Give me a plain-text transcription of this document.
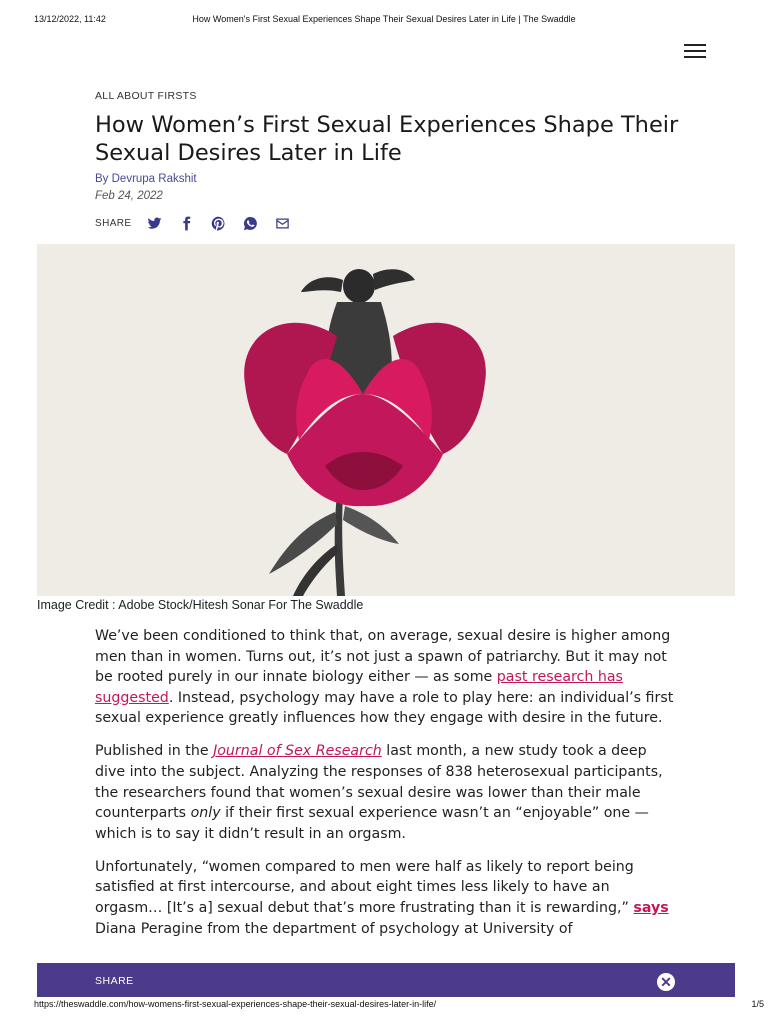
13/12/2022, 11:42	How Women's First Sexual Experiences Shape Their Sexual Desires Later in Life | The Swaddle
ALL ABOUT FIRSTS
How Women’s First Sexual Experiences Shape Their Sexual Desires Later in Life
By Devrupa Rakshit
Feb 24, 2022
SHARE
Image Credit : Adobe Stock/Hitesh Sonar For The Swaddle

We’ve been conditioned to think that, on average, sexual desire is higher among men than in women. Turns out, it’s not just a spawn of patriarchy. But it may not be rooted purely in our innate biology either — as some past research has suggested. Instead, psychology may have a role to play here: an individual’s first sexual experience greatly influences how they engage with desire in the future.

Published in the Journal of Sex Research last month, a new study took a deep dive into the subject. Analyzing the responses of 838 heterosexual participants, the researchers found that women’s sexual desire was lower than their male counterparts only if their first sexual experience wasn’t an “enjoyable” one — which is to say it didn’t result in an orgasm.

Unfortunately, “women compared to men were half as likely to report being satisfied at first intercourse, and about eight times less likely to have an orgasm… [It’s a] sexual debut that’s more frustrating than it is rewarding,” says Diana Peragine from the department of psychology at University of

SHARE	✕
https://theswaddle.com/how-womens-first-sexual-experiences-shape-their-sexual-desires-later-in-life/	1/5
